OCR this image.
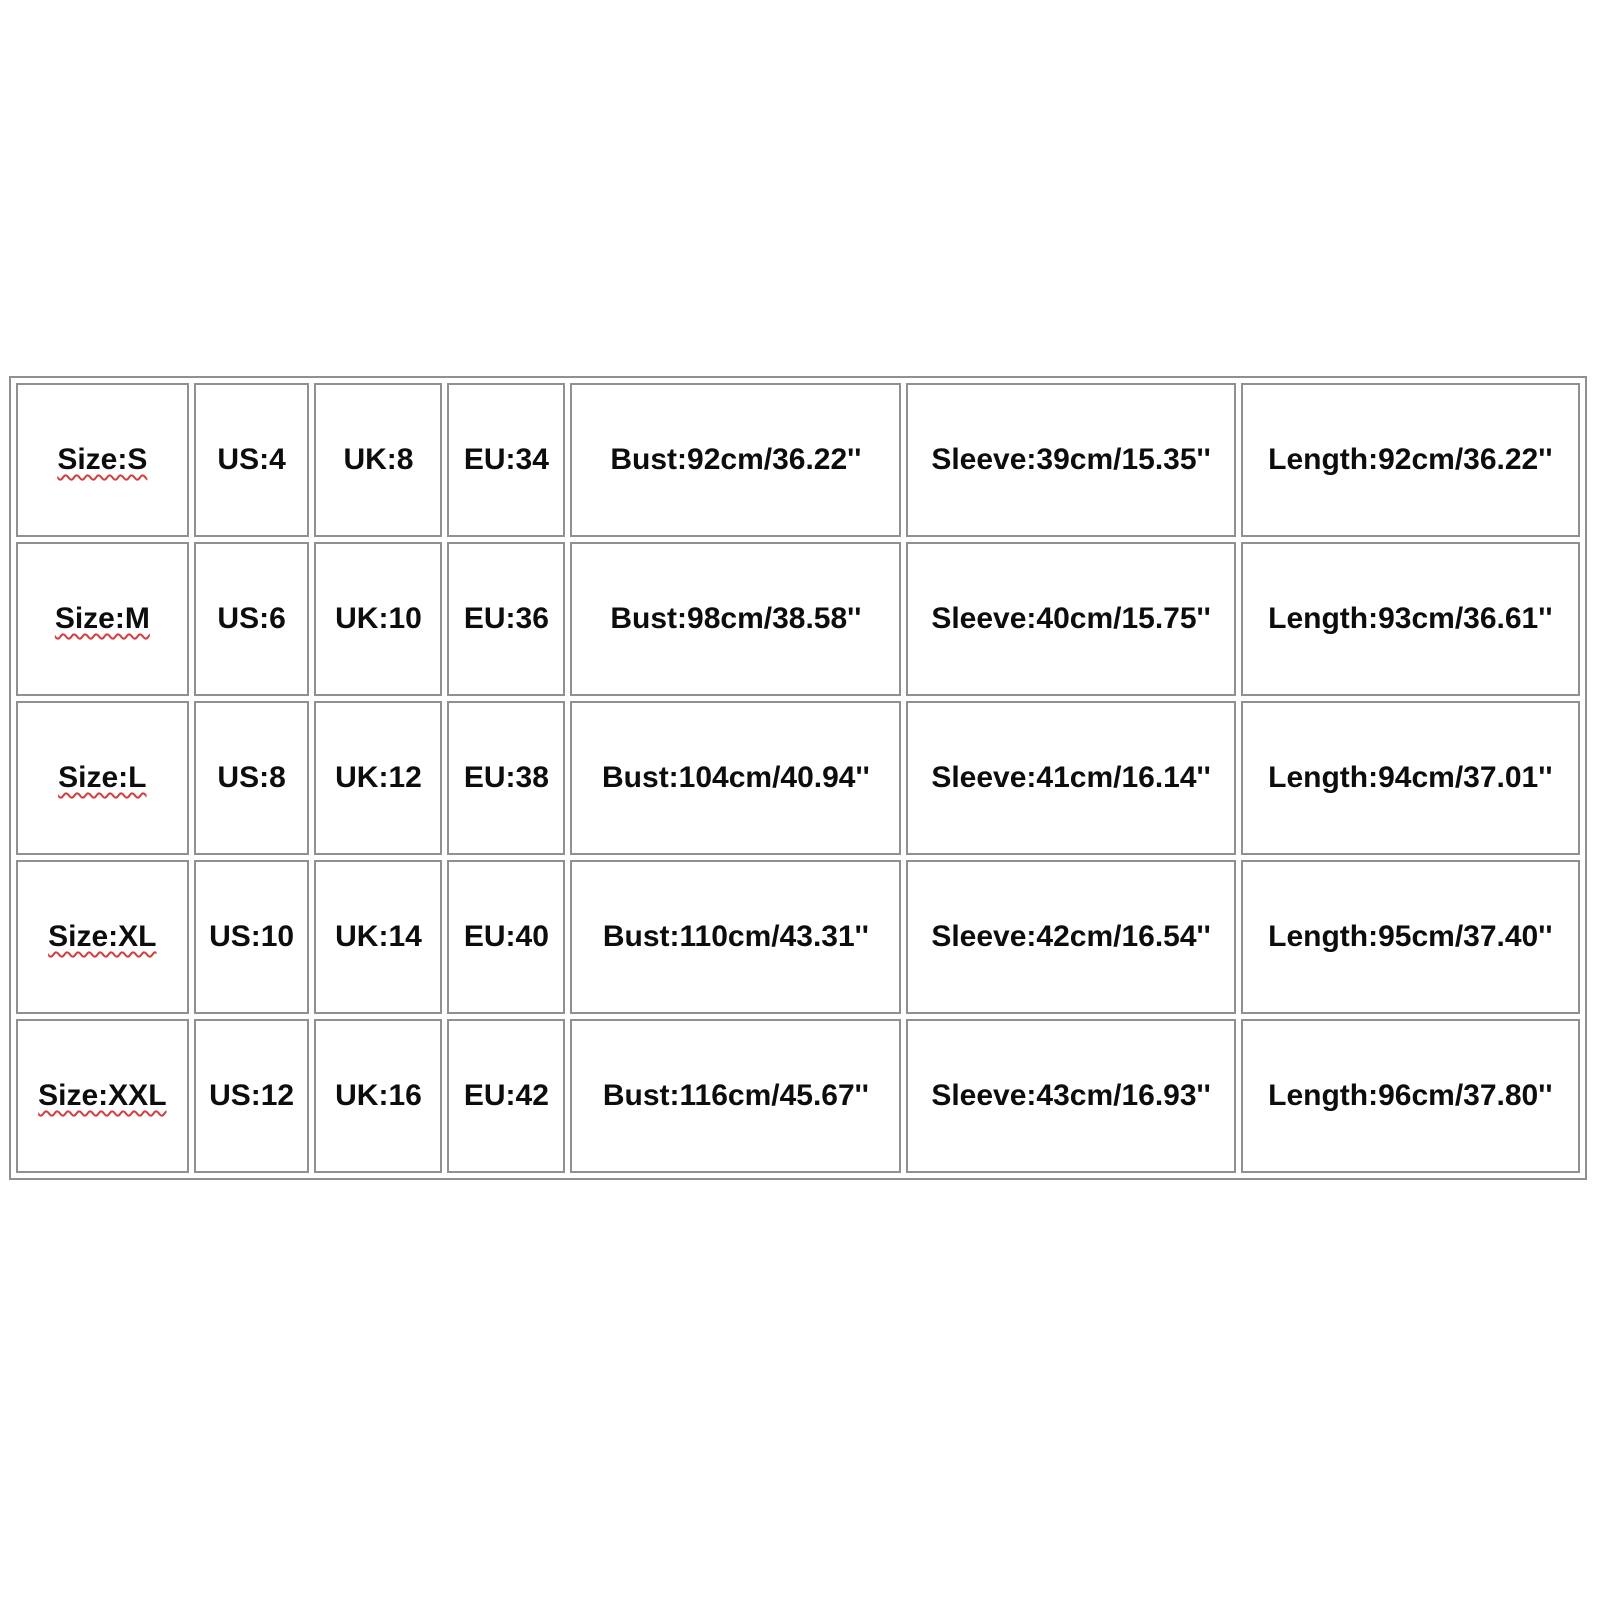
Size:S	US:4	UK:8	EU:34	Bust:92cm/36.22''	Sleeve:39cm/15.35''	Length:92cm/36.22''
Size:M	US:6	UK:10	EU:36	Bust:98cm/38.58''	Sleeve:40cm/15.75''	Length:93cm/36.61''
Size:L	US:8	UK:12	EU:38	Bust:104cm/40.94''	Sleeve:41cm/16.14''	Length:94cm/37.01''
Size:XL	US:10	UK:14	EU:40	Bust:110cm/43.31''	Sleeve:42cm/16.54''	Length:95cm/37.40''
Size:XXL	US:12	UK:16	EU:42	Bust:116cm/45.67''	Sleeve:43cm/16.93''	Length:96cm/37.80''
